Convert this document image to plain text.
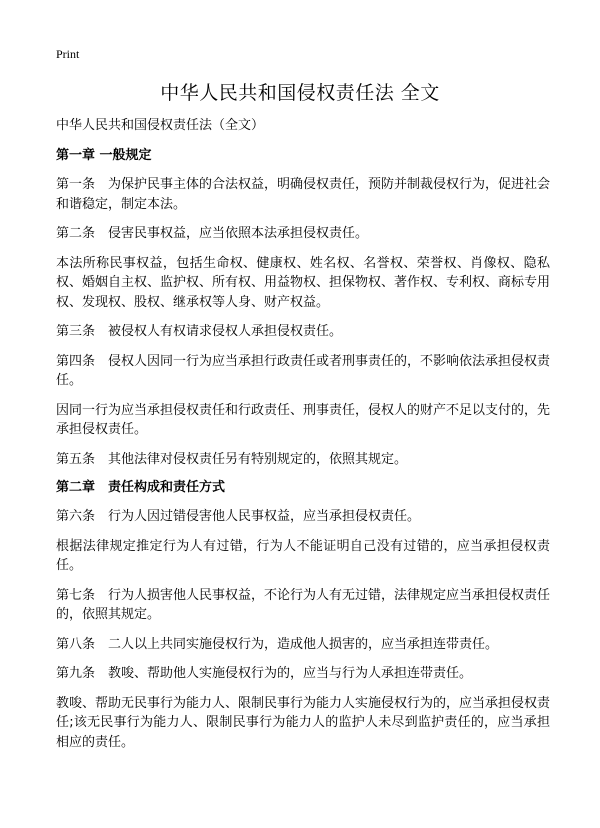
Print
中华人民共和国侵权责任法 全文

中华人民共和国侵权责任法（全文）

第一章 一般规定

第一条　为保护民事主体的合法权益，明确侵权责任，预防并制裁侵权行为，促进社会和谐稳定，制定本法。

第二条　侵害民事权益，应当依照本法承担侵权责任。

本法所称民事权益，包括生命权、健康权、姓名权、名誉权、荣誉权、肖像权、隐私权、婚姻自主权、监护权、所有权、用益物权、担保物权、著作权、专利权、商标专用权、发现权、股权、继承权等人身、财产权益。

第三条　被侵权人有权请求侵权人承担侵权责任。

第四条　侵权人因同一行为应当承担行政责任或者刑事责任的，不影响依法承担侵权责任。

因同一行为应当承担侵权责任和行政责任、刑事责任，侵权人的财产不足以支付的，先承担侵权责任。

第五条　其他法律对侵权责任另有特别规定的，依照其规定。

第二章　责任构成和责任方式

第六条　行为人因过错侵害他人民事权益，应当承担侵权责任。

根据法律规定推定行为人有过错，行为人不能证明自己没有过错的，应当承担侵权责任。

第七条　行为人损害他人民事权益，不论行为人有无过错，法律规定应当承担侵权责任的，依照其规定。

第八条　二人以上共同实施侵权行为，造成他人损害的，应当承担连带责任。

第九条　教唆、帮助他人实施侵权行为的，应当与行为人承担连带责任。

教唆、帮助无民事行为能力人、限制民事行为能力人实施侵权行为的，应当承担侵权责任;该无民事行为能力人、限制民事行为能力人的监护人未尽到监护责任的，应当承担相应的责任。
